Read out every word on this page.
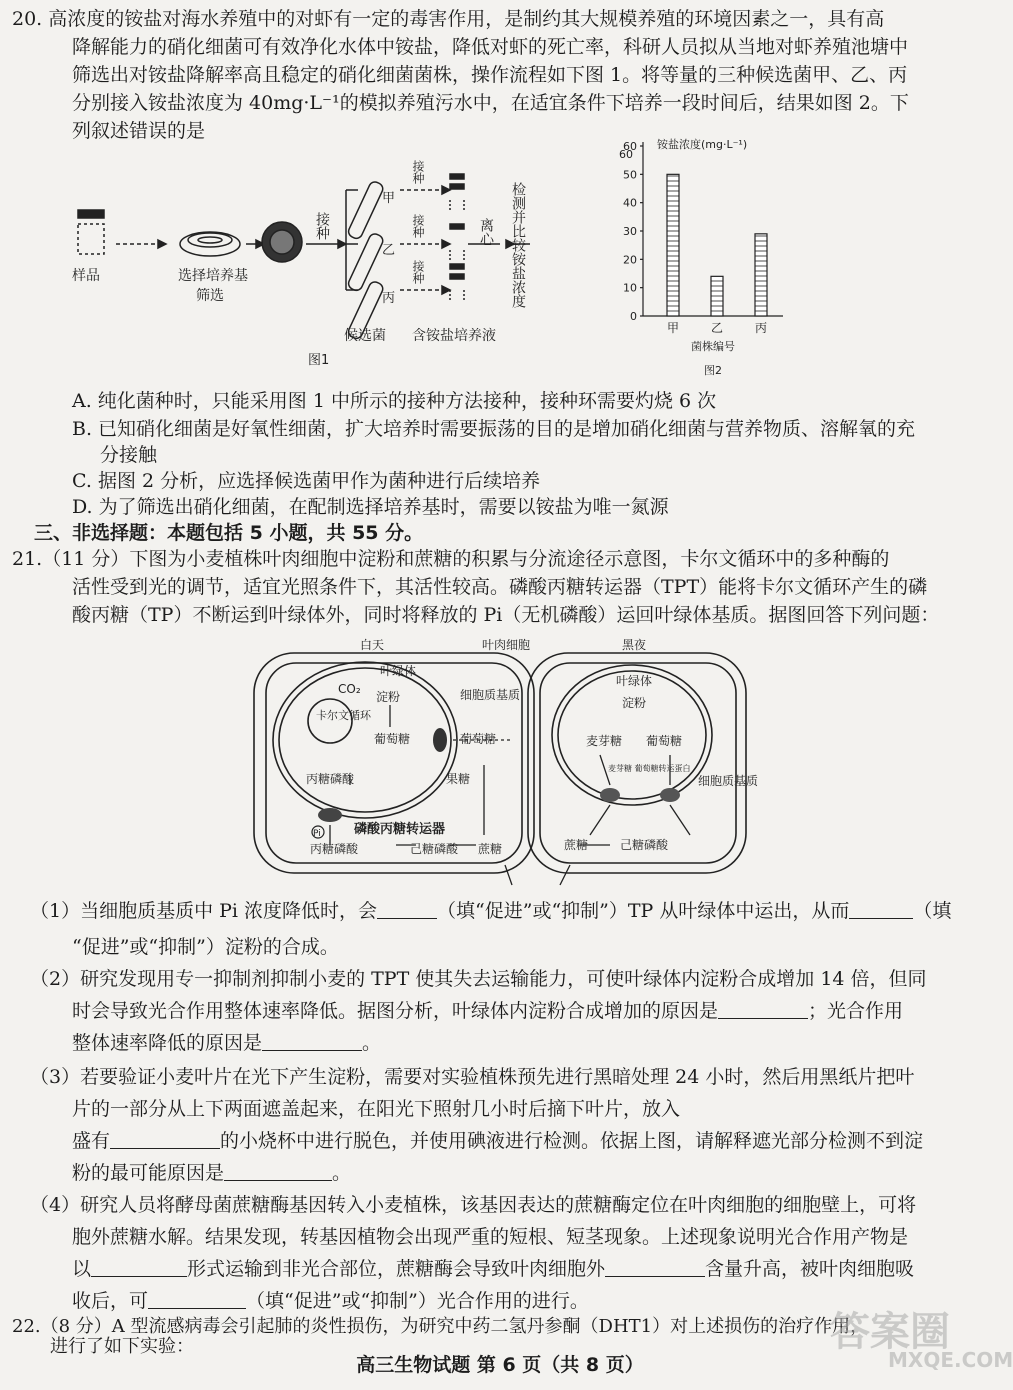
20. 高浓度的铵盐对海水养殖中的对虾有一定的毒害作用，是制约其大规模养殖的环境因素之一，具有高
降解能力的硝化细菌可有效净化水体中铵盐，降低对虾的死亡率，科研人员拟从当地对虾养殖池塘中
筛选出对铵盐降解率高且稳定的硝化细菌菌株，操作流程如下图 1。将等量的三种候选菌甲、乙、丙
分别接入铵盐浓度为 40mg·L⁻¹的模拟养殖污水中，在适宜条件下培养一段时间后，结果如图 2。下
列叙述错误的是
样品	选择培养基
筛选
接种
甲
乙
丙
接种
接种
接种
离心 检测并比较铵盐浓度
候选菌 含铵盐培养液
图1
10
20
30
40
50
60
甲	乙	丙
60
铵盐浓度(mg·L⁻¹)
0
菌株编号
图2
A. 纯化菌种时，只能采用图 1 中所示的接种方法接种，接种环需要灼烧 6 次
B. 已知硝化细菌是好氧性细菌，扩大培养时需要振荡的目的是增加硝化细菌与营养物质、溶解氧的充
分接触
C. 据图 2 分析，应选择候选菌甲作为菌种进行后续培养
D. 为了筛选出硝化细菌，在配制选择培养基时，需要以铵盐为唯一氮源
三、非选择题：本题包括 5 小题，共 55 分。
21.（11 分）下图为小麦植株叶肉细胞中淀粉和蔗糖的积累与分流途径示意图，卡尔文循环中的多种酶的
活性受到光的调节，适宜光照条件下，其活性较高。磷酸丙糖转运器（TPT）能将卡尔文循环产生的磷
酸丙糖（TP）不断运到叶绿体外，同时将释放的 Pi（无机磷酸）运回叶绿体基质。据图回答下列问题：
白天	叶肉细胞	黑夜
叶绿体
CO₂
淀粉
卡尔文循环
葡萄糖	葡萄糖
丙糖磷酸	果糖
细胞质基质
Pi	磷酸丙糖转运器
丙糖磷酸	己糖磷酸 蔗糖
叶绿体
淀粉
麦芽糖 葡萄糖
麦芽糖 葡萄糖转运蛋白
蔗糖	己糖磷酸
细胞质基质
（1）当细胞质基质中 Pi 浓度降低时，会	（填“促进”或“抑制”）TP 从叶绿体中运出，从而	（填
“促进”或“抑制”）淀粉的合成。
（2）研究发现用专一抑制剂抑制小麦的 TPT 使其失去运输能力，可使叶绿体内淀粉合成增加 14 倍，但同
时会导致光合作用整体速率降低。据图分析，叶绿体内淀粉合成增加的原因是	；光合作用
整体速率降低的原因是	。
（3）若要验证小麦叶片在光下产生淀粉，需要对实验植株预先进行黑暗处理 24 小时，然后用黑纸片把叶
片的一部分从上下两面遮盖起来，在阳光下照射几小时后摘下叶片，放入
盛有	的小烧杯中进行脱色，并使用碘液进行检测。依据上图，请解释遮光部分检测不到淀
粉的最可能原因是	。
（4）研究人员将酵母菌蔗糖酶基因转入小麦植株，该基因表达的蔗糖酶定位在叶肉细胞的细胞壁上，可将
胞外蔗糖水解。结果发现，转基因植物会出现严重的短根、短茎现象。上述现象说明光合作用产物是
以	形式运输到非光合部位，蔗糖酶会导致叶肉细胞外	含量升高，被叶肉细胞吸
收后，可	（填“促进”或“抑制”）光合作用的进行。
22.（8 分）A 型流感病毒会引起肺的炎性损伤，为研究中药二氢丹参酮（DHT1）对上述损伤的治疗作用，
进行了如下实验：
高三生物试题 第 6 页（共 8 页）
答案圈
MXQE.COM
